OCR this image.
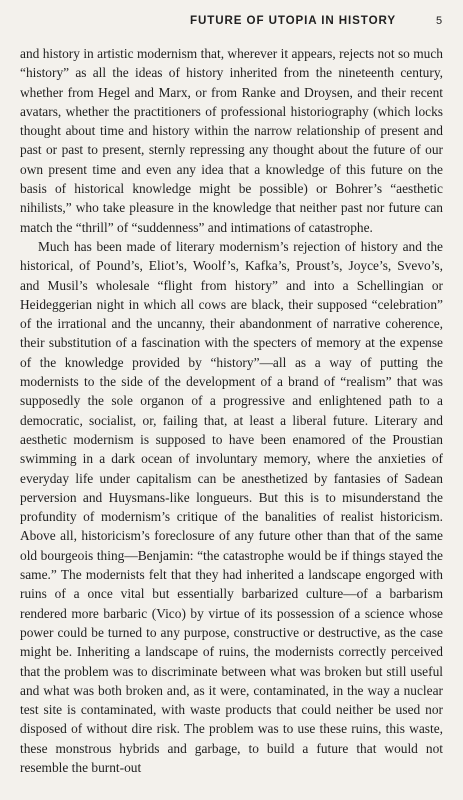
FUTURE OF UTOPIA IN HISTORY	5

and history in artistic modernism that, wherever it appears, rejects not so much “history” as all the ideas of history inherited from the nineteenth century, whether from Hegel and Marx, or from Ranke and Droysen, and their recent avatars, whether the practitioners of professional historiography (which locks thought about time and history within the narrow relationship of present and past or past to present, sternly repressing any thought about the future of our own present time and even any idea that a knowledge of this future on the basis of historical knowledge might be possible) or Bohrer’s “aesthetic nihilists,” who take pleasure in the knowledge that neither past nor future can match the “thrill” of “suddenness” and intimations of catastrophe.

Much has been made of literary modernism’s rejection of history and the historical, of Pound’s, Eliot’s, Woolf’s, Kafka’s, Proust’s, Joyce’s, Svevo’s, and Musil’s wholesale “flight from history” and into a Schellingian or Heideggerian night in which all cows are black, their supposed “celebration” of the irrational and the uncanny, their abandonment of narrative coherence, their substitution of a fascination with the specters of memory at the expense of the knowledge provided by “history”—all as a way of putting the modernists to the side of the development of a brand of “realism” that was supposedly the sole organon of a progressive and enlightened path to a democratic, socialist, or, failing that, at least a liberal future. Literary and aesthetic modernism is supposed to have been enamored of the Proustian swimming in a dark ocean of involuntary memory, where the anxieties of everyday life under capitalism can be anesthetized by fantasies of Sadean perversion and Huysmans-like longueurs. But this is to misunderstand the profundity of modernism’s critique of the banalities of realist historicism. Above all, historicism’s foreclosure of any future other than that of the same old bourgeois thing—Benjamin: “the catastrophe would be if things stayed the same.” The modernists felt that they had inherited a landscape engorged with ruins of a once vital but essentially barbarized culture—of a barbarism rendered more barbaric (Vico) by virtue of its possession of a science whose power could be turned to any purpose, constructive or destructive, as the case might be. Inheriting a landscape of ruins, the modernists correctly perceived that the problem was to discriminate between what was broken but still useful and what was both broken and, as it were, contaminated, in the way a nuclear test site is contaminated, with waste products that could neither be used nor disposed of without dire risk. The problem was to use these ruins, this waste, these monstrous hybrids and garbage, to build a future that would not resemble the burnt-out
